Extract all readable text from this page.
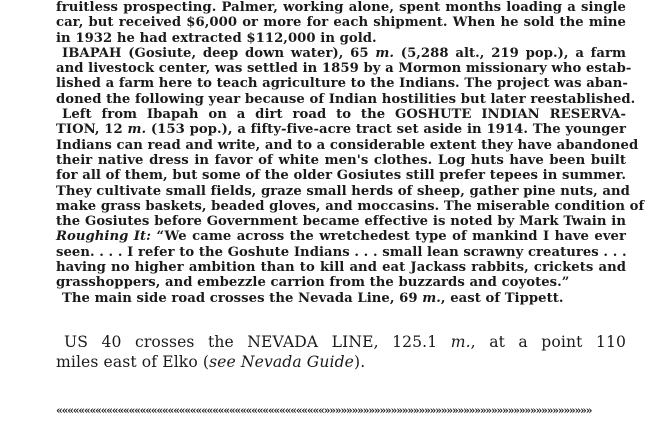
fruitless prospecting. Palmer, working alone, spent months loading a single
car, but received $6,000 or more for each shipment. When he sold the mine
in 1932 he had extracted $112,000 in gold.
IBAPAH (Gosiute, deep down water), 65 m. (5,288 alt., 219 pop.), a farm
and livestock center, was settled in 1859 by a Mormon missionary who estab-
lished a farm here to teach agriculture to the Indians. The project was aban-
doned the following year because of Indian hostilities but later reestablished.
Left from Ibapah on a dirt road to the GOSHUTE INDIAN RESERVA-
TION, 12 m. (153 pop.), a fifty-five-acre tract set aside in 1914. The younger
Indians can read and write, and to a considerable extent they have abandoned
their native dress in favor of white men's clothes. Log huts have been built
for all of them, but some of the older Gosiutes still prefer tepees in summer.
They cultivate small fields, graze small herds of sheep, gather pine nuts, and
make grass baskets, beaded gloves, and moccasins. The miserable condition of
the Gosiutes before Government became effective is noted by Mark Twain in
Roughing It: “We came across the wretchedest type of mankind I have ever
seen. . . . I refer to the Goshute Indians . . . small lean scrawny creatures . . .
having no higher ambition than to kill and eat Jackass rabbits, crickets and
grasshoppers, and embezzle carrion from the buzzards and coyotes.”
The main side road crosses the Nevada Line, 69 m., east of Tippett.
US 40 crosses the NEVADA LINE, 125.1 m., at a point 110
miles east of Elko (see Nevada Guide).
««««««««««««««««««««««««««««««««««««««««««««««««»»»»»»»»»»»»»»»»»»»»»»»»»»»»»»»»»»»»»»»»»»»»»»»»
